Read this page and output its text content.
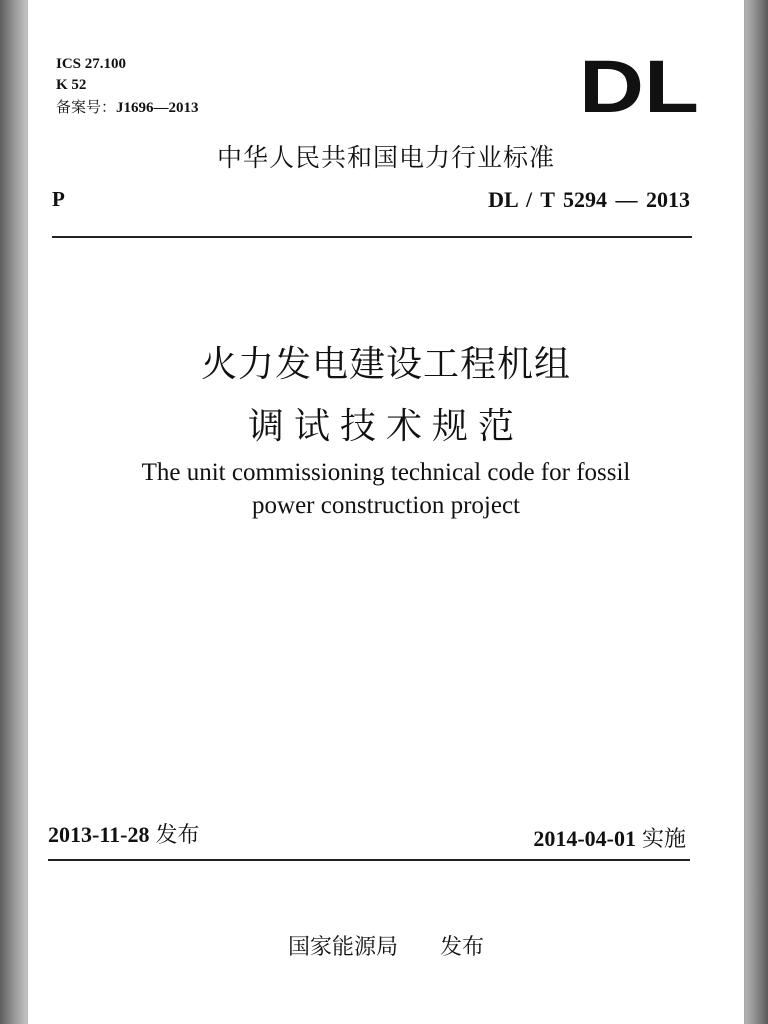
ICS 27.100
K 52
备案号：J1696—2013	DL
中华人民共和国电力行业标准
P	DL / T 5294 — 2013
火力发电建设工程机组
调试技术规范
The unit commissioning technical code for fossil
power construction project
2013-11-28 发布	2014-04-01 实施
国家能源局 发布
